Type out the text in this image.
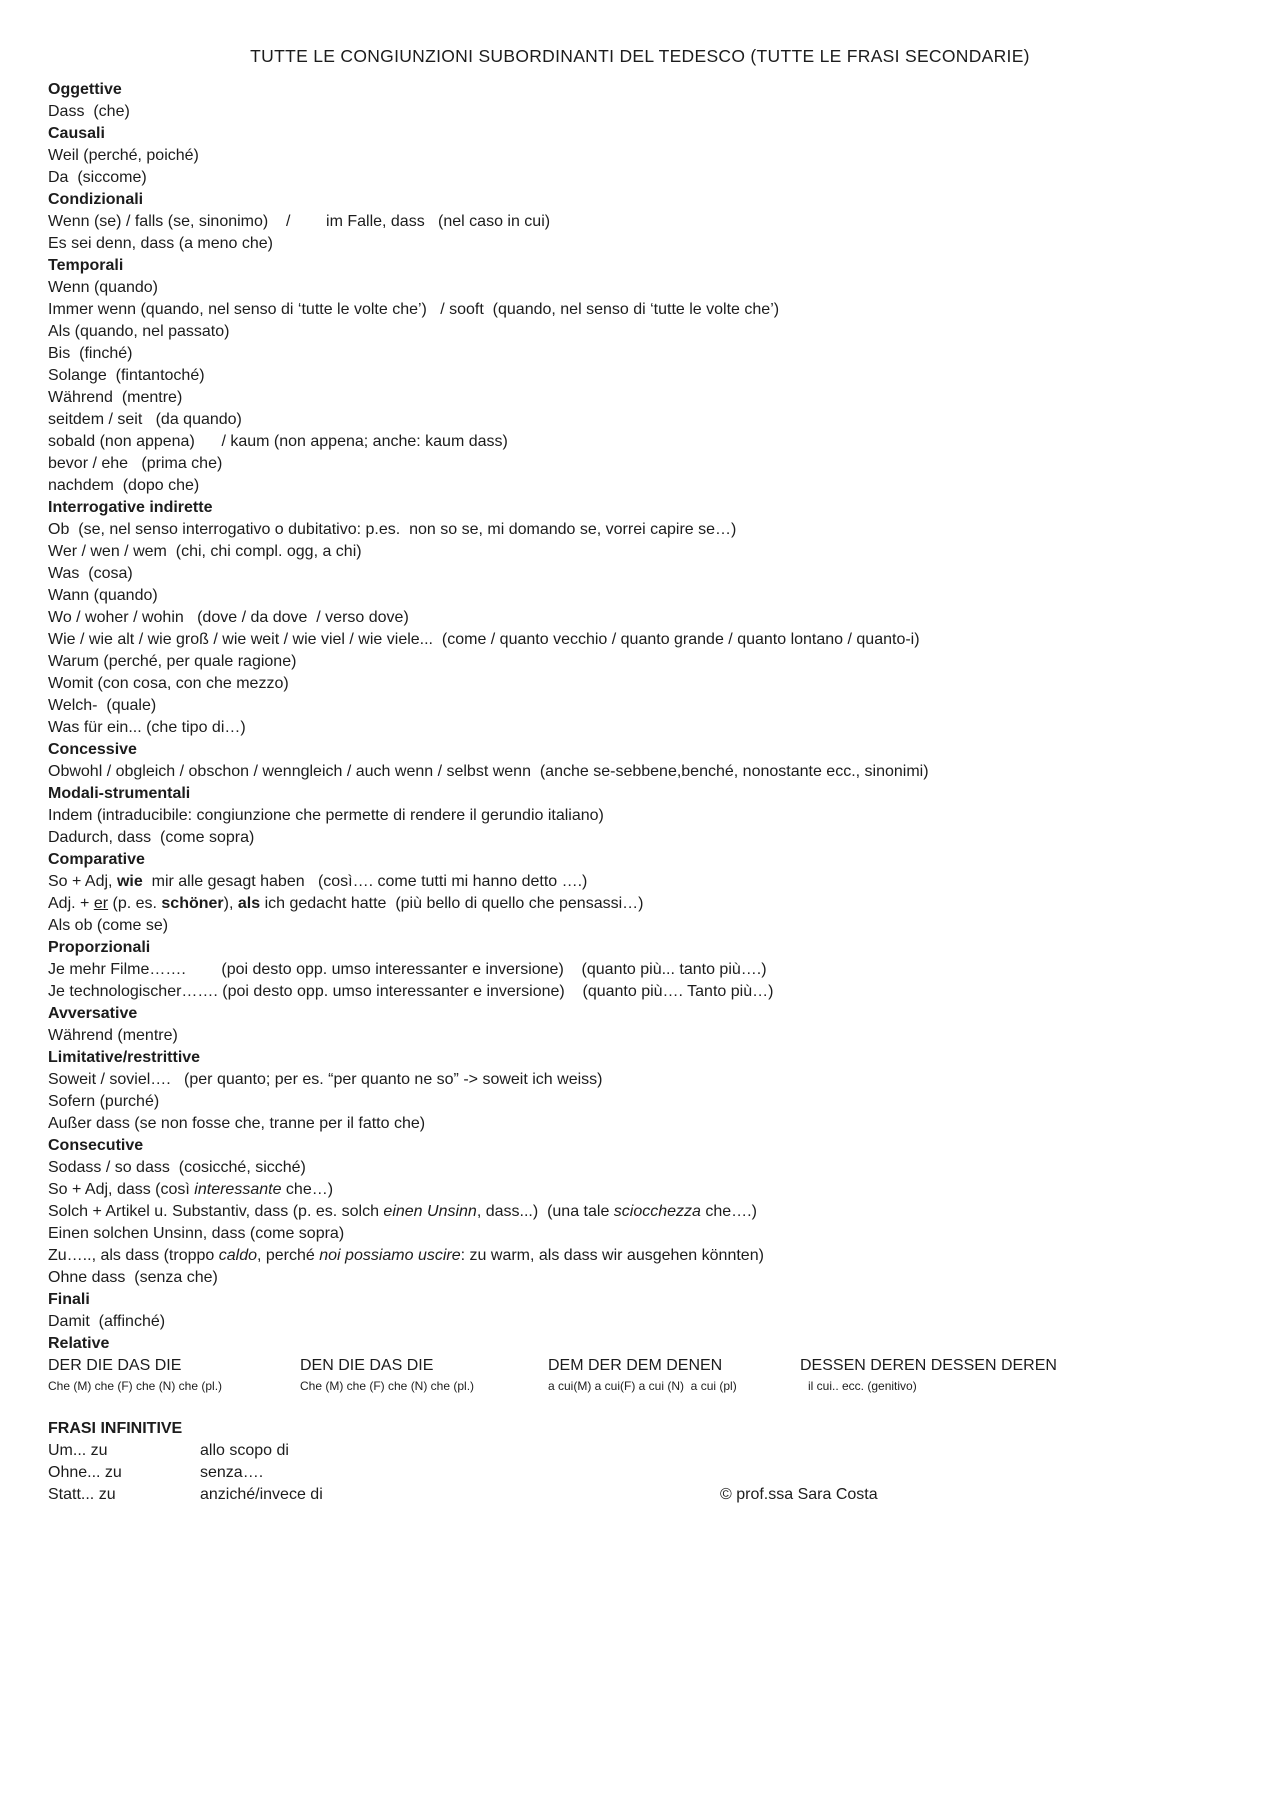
TUTTE LE CONGIUNZIONI SUBORDINANTI DEL TEDESCO (TUTTE LE FRASI SECONDARIE)
Oggettive
Dass  (che)
Causali
Weil (perché, poiché)
Da  (siccome)
Condizionali
Wenn (se) / falls (se, sinonimo)    /        im Falle, dass   (nel caso in cui)
Es sei denn, dass (a meno che)
Temporali
Wenn (quando)
Immer wenn (quando, nel senso di ‘tutte le volte che’)   / sooft  (quando, nel senso di ‘tutte le volte che’)
Als (quando, nel passato)
Bis  (finché)
Solange  (fintantoché)
Während  (mentre)
seitdem / seit   (da quando)
sobald (non appena)      / kaum (non appena; anche: kaum dass)
bevor / ehe   (prima che)
nachdem  (dopo che)
Interrogative indirette
Ob  (se, nel senso interrogativo o dubitativo: p.es.  non so se, mi domando se, vorrei capire se…)
Wer / wen / wem  (chi, chi compl. ogg, a chi)
Was  (cosa)
Wann (quando)
Wo / woher / wohin   (dove / da dove  / verso dove)
Wie / wie alt / wie groß / wie weit / wie viel / wie viele...  (come / quanto vecchio / quanto grande / quanto lontano / quanto-i)
Warum (perché, per quale ragione)
Womit (con cosa, con che mezzo)
Welch-  (quale)
Was für ein... (che tipo di…)
Concessive
Obwohl / obgleich / obschon / wenngleich / auch wenn / selbst wenn  (anche se-sebbene,benché, nonostante ecc., sinonimi)
Modali-strumentali
Indem (intraducibile: congiunzione che permette di rendere il gerundio italiano)
Dadurch, dass  (come sopra)
Comparative
So + Adj, wie  mir alle gesagt haben   (così…. come tutti mi hanno detto ….)
Adj. + er (p. es. schöner), als ich gedacht hatte  (più bello di quello che pensassi…)
Als ob (come se)
Proporzionali
Je mehr Filme…….        (poi desto opp. umso interessanter e inversione)    (quanto più... tanto più….)
Je technologischer……. (poi desto opp. umso interessanter e inversione)    (quanto più…. Tanto più…)
Avversative
Während (mentre)
Limitative/restrittive
Soweit / soviel….   (per quanto; per es. “per quanto ne so” -> soweit ich weiss)
Sofern (purché)
Außer dass (se non fosse che, tranne per il fatto che)
Consecutive
Sodass / so dass  (cosicché, sicché)
So + Adj, dass (così interessante che…)
Solch + Artikel u. Substantiv, dass (p. es. solch einen Unsinn, dass...)  (una tale sciocchezza che….)
Einen solchen Unsinn, dass (come sopra)
Zu….., als dass (troppo caldo, perché noi possiamo uscire: zu warm, als dass wir ausgehen könnten)
Ohne dass  (senza che)
Finali
Damit  (affinché)
Relative
DER DIE DAS DIE	DEN DIE DAS DIE	DEM DER DEM DENEN	DESSEN DEREN DESSEN DEREN
Che (M) che (F) che (N) che (pl.)	Che (M) che (F) che (N) che (pl.)	a cui(M) a cui(F) a cui (N)  a cui (pl)	il cui.. ecc. (genitivo)
FRASI INFINITIVE
Um... zu	allo scopo di
Ohne... zu	senza….
Statt... zu	anziché/invece di	© prof.ssa Sara Costa
